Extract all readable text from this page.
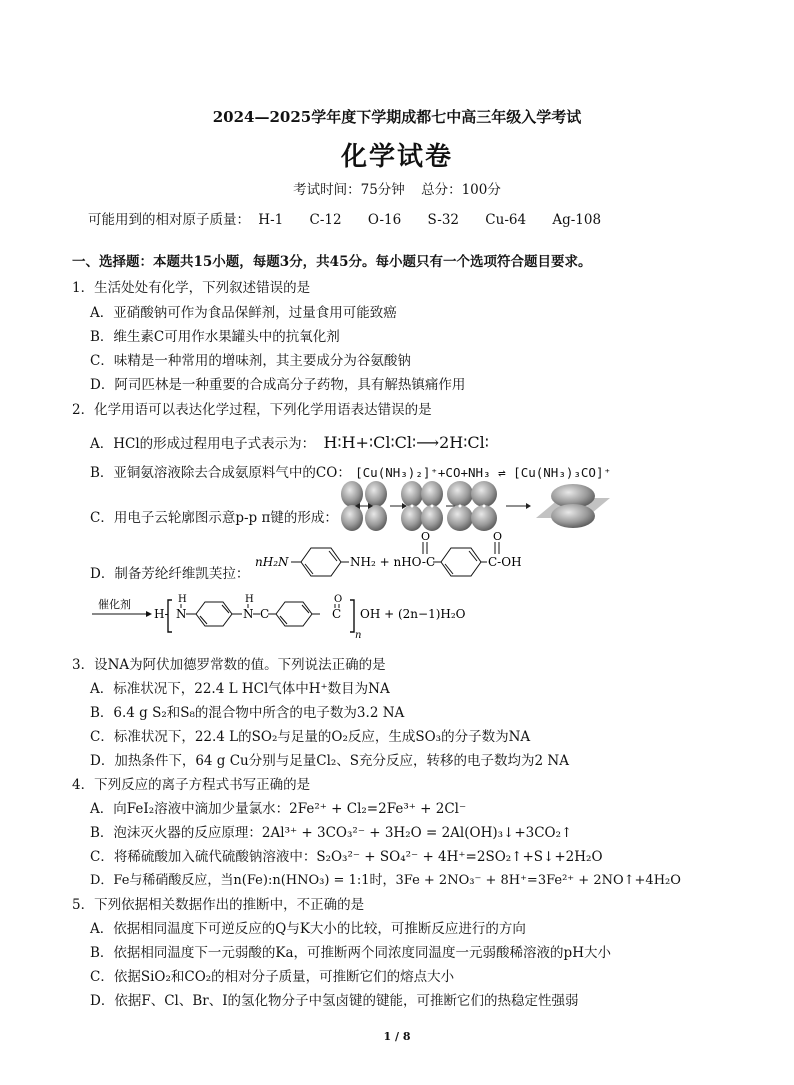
2024—2025学年度下学期成都七中高三年级入学考试
化学试卷
考试时间：75分钟 总分：100分
可能用到的相对原子质量： H-1 C-12 O-16 S-32 Cu-64 Ag-108
一、选择题：本题共15小题，每题3分，共45分。每小题只有一个选项符合题目要求。
1．生活处处有化学，下列叙述错误的是
A．亚硝酸钠可作为食品保鲜剂，过量食用可能致癌
B．维生素C可用作水果罐头中的抗氧化剂
C．味精是一种常用的增味剂，其主要成分为谷氨酸钠
D．阿司匹林是一种重要的合成高分子药物，具有解热镇痛作用
2．化学用语可以表达化学过程，下列化学用语表达错误的是
A．HCl的形成过程用电子式表示为： H∶H+∶Cl∶Cl∶⟶2H∶Cl∶
B．亚铜氨溶液除去合成氨原料气中的CO： [Cu(NH₃)₂]⁺+CO+NH₃ ⇌ [Cu(NH₃)₃CO]⁺
C．用电子云轮廓图示意p-p π键的形成：
D．制备芳纶纤维凯芙拉：
nH₂N	NH₂ + nHO-C
O	O
C-OH
催化剂
H-
H
N
H
N C
O
C
n
OH + (2n−1)H₂O
3．设NA为阿伏加德罗常数的值。下列说法正确的是
A．标准状况下，22.4 L HCl气体中H⁺数目为NA
B．6.4 g S₂和S₈的混合物中所含的电子数为3.2 NA
C．标准状况下，22.4 L的SO₂与足量的O₂反应，生成SO₃的分子数为NA
D．加热条件下，64 g Cu分别与足量Cl₂、S充分反应，转移的电子数均为2 NA
4．下列反应的离子方程式书写正确的是
A．向FeI₂溶液中滴加少量氯水：2Fe²⁺ + Cl₂=2Fe³⁺ + 2Cl⁻
B．泡沫灭火器的反应原理：2Al³⁺ + 3CO₃²⁻ + 3H₂O = 2Al(OH)₃↓+3CO₂↑
C．将稀硫酸加入硫代硫酸钠溶液中：S₂O₃²⁻ + SO₄²⁻ + 4H⁺=2SO₂↑+S↓+2H₂O
D．Fe与稀硝酸反应，当n(Fe):n(HNO₃) = 1:1时，3Fe + 2NO₃⁻ + 8H⁺=3Fe²⁺ + 2NO↑+4H₂O
5．下列依据相关数据作出的推断中，不正确的是
A．依据相同温度下可逆反应的Q与K大小的比较，可推断反应进行的方向
B．依据相同温度下一元弱酸的Ka，可推断两个同浓度同温度一元弱酸稀溶液的pH大小
C．依据SiO₂和CO₂的相对分子质量，可推断它们的熔点大小
D．依据F、Cl、Br、I的氢化物分子中氢卤键的键能，可推断它们的热稳定性强弱
1 / 8
